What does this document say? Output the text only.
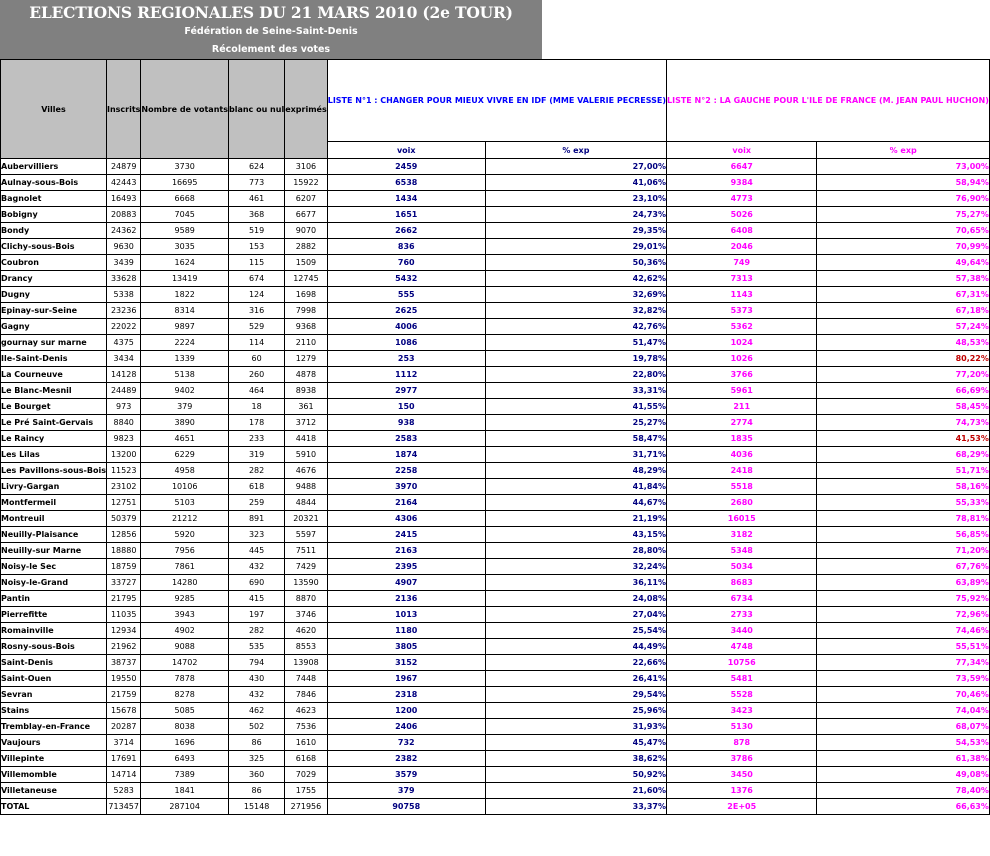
ELECTIONS REGIONALES DU 21 MARS 2010 (2e TOUR)
Fédération de Seine-Saint-Denis
Récolement des votes
Villes	Inscrits	Nombre de votants	blanc ou nul	exprimés	LISTE N°1 : CHANGER POUR MIEUX VIVRE EN IDF (MME VALERIE PECRESSE)		LISTE N°2 : LA GAUCHE POUR L'ILE DE FRANCE (M. JEAN PAUL HUCHON)	
					voix	% exp	voix	% exp
Aubervilliers	24879	3730	624	3106	2459	27,00%	6647	73,00%
Aulnay-sous-Bois	42443	16695	773	15922	6538	41,06%	9384	58,94%
Bagnolet	16493	6668	461	6207	1434	23,10%	4773	76,90%
Bobigny	20883	7045	368	6677	1651	24,73%	5026	75,27%
Bondy	24362	9589	519	9070	2662	29,35%	6408	70,65%
Clichy-sous-Bois	9630	3035	153	2882	836	29,01%	2046	70,99%
Coubron	3439	1624	115	1509	760	50,36%	749	49,64%
Drancy	33628	13419	674	12745	5432	42,62%	7313	57,38%
Dugny	5338	1822	124	1698	555	32,69%	1143	67,31%
Epinay-sur-Seine	23236	8314	316	7998	2625	32,82%	5373	67,18%
Gagny	22022	9897	529	9368	4006	42,76%	5362	57,24%
gournay sur marne	4375	2224	114	2110	1086	51,47%	1024	48,53%
Ile-Saint-Denis	3434	1339	60	1279	253	19,78%	1026	80,22%
La Courneuve	14128	5138	260	4878	1112	22,80%	3766	77,20%
Le Blanc-Mesnil	24489	9402	464	8938	2977	33,31%	5961	66,69%
Le Bourget	973	379	18	361	150	41,55%	211	58,45%
Le Pré Saint-Gervais	8840	3890	178	3712	938	25,27%	2774	74,73%
Le Raincy	9823	4651	233	4418	2583	58,47%	1835	41,53%
Les Lilas	13200	6229	319	5910	1874	31,71%	4036	68,29%
Les Pavillons-sous-Bois	11523	4958	282	4676	2258	48,29%	2418	51,71%
Livry-Gargan	23102	10106	618	9488	3970	41,84%	5518	58,16%
Montfermeil	12751	5103	259	4844	2164	44,67%	2680	55,33%
Montreuil	50379	21212	891	20321	4306	21,19%	16015	78,81%
Neuilly-Plaisance	12856	5920	323	5597	2415	43,15%	3182	56,85%
Neuilly-sur Marne	18880	7956	445	7511	2163	28,80%	5348	71,20%
Noisy-le Sec	18759	7861	432	7429	2395	32,24%	5034	67,76%
Noisy-le-Grand	33727	14280	690	13590	4907	36,11%	8683	63,89%
Pantin	21795	9285	415	8870	2136	24,08%	6734	75,92%
Pierrefitte	11035	3943	197	3746	1013	27,04%	2733	72,96%
Romainville	12934	4902	282	4620	1180	25,54%	3440	74,46%
Rosny-sous-Bois	21962	9088	535	8553	3805	44,49%	4748	55,51%
Saint-Denis	38737	14702	794	13908	3152	22,66%	10756	77,34%
Saint-Ouen	19550	7878	430	7448	1967	26,41%	5481	73,59%
Sevran	21759	8278	432	7846	2318	29,54%	5528	70,46%
Stains	15678	5085	462	4623	1200	25,96%	3423	74,04%
Tremblay-en-France	20287	8038	502	7536	2406	31,93%	5130	68,07%
Vaujours	3714	1696	86	1610	732	45,47%	878	54,53%
Villepinte	17691	6493	325	6168	2382	38,62%	3786	61,38%
Villemomble	14714	7389	360	7029	3579	50,92%	3450	49,08%
Villetaneuse	5283	1841	86	1755	379	21,60%	1376	78,40%
TOTAL	713457	287104	15148	271956	90758	33,37%	2E+05	66,63%
